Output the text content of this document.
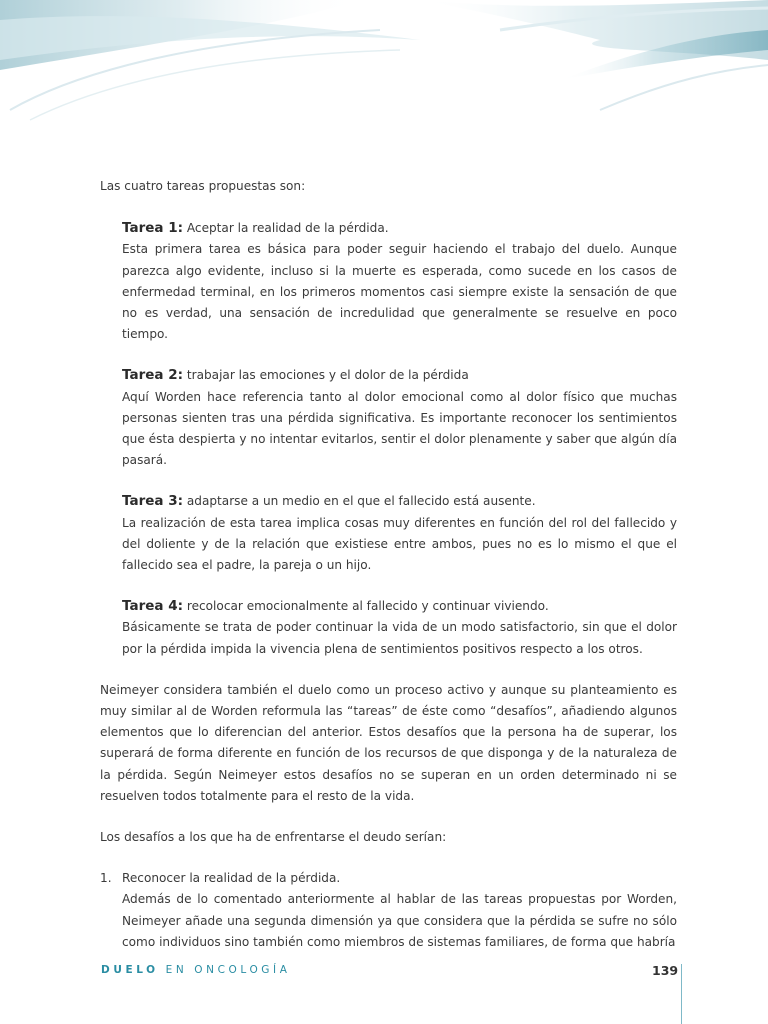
Las cuatro tareas propuestas son:

Tarea 1: Aceptar la realidad de la pérdida.

Esta primera tarea es básica para poder seguir haciendo el trabajo del duelo. Aunque parezca algo evidente, incluso si la muerte es esperada, como sucede en los casos de enfermedad terminal, en los primeros momentos casi siempre existe la sensación de que no es verdad, una sensación de incredulidad que generalmente se resuelve en poco tiempo.

Tarea 2: trabajar las emociones y el dolor de la pérdida

Aquí Worden hace referencia tanto al dolor emocional como al dolor físico que muchas personas sienten tras una pérdida significativa. Es importante reconocer los sentimientos que ésta despierta y no intentar evitarlos, sentir el dolor plenamente y saber que algún día pasará.

Tarea 3: adaptarse a un medio en el que el fallecido está ausente.

La realización de esta tarea implica cosas muy diferentes en función del rol del fallecido y del doliente y de la relación que existiese entre ambos, pues no es lo mismo el que el fallecido sea el padre, la pareja o un hijo.

Tarea 4: recolocar emocionalmente al fallecido y continuar viviendo.

Básicamente se trata de poder continuar la vida de un modo satisfactorio, sin que el dolor por la pérdida impida la vivencia plena de sentimientos positivos respecto a los otros.

Neimeyer considera también el duelo como un proceso activo y aunque su planteamiento es muy similar al de Worden reformula las “tareas” de éste como “desafíos”, añadiendo algunos elementos que lo diferencian del anterior. Estos desafíos que la persona ha de superar, los superará de forma diferente en función de los recursos de que disponga y de la naturaleza de la pérdida. Según Neimeyer estos desafíos no se superan en un orden determinado ni se resuelven todos totalmente para el resto de la vida.

Los desafíos a los que ha de enfrentarse el deudo serían:

1. Reconocer la realidad de la pérdida.

Además de lo comentado anteriormente al hablar de las tareas propuestas por Worden, Neimeyer añade una segunda dimensión ya que considera que la pérdida se sufre no sólo como individuos sino también como miembros de sistemas familiares, de forma que habría

DUELO EN ONCOLOGÍA	139
